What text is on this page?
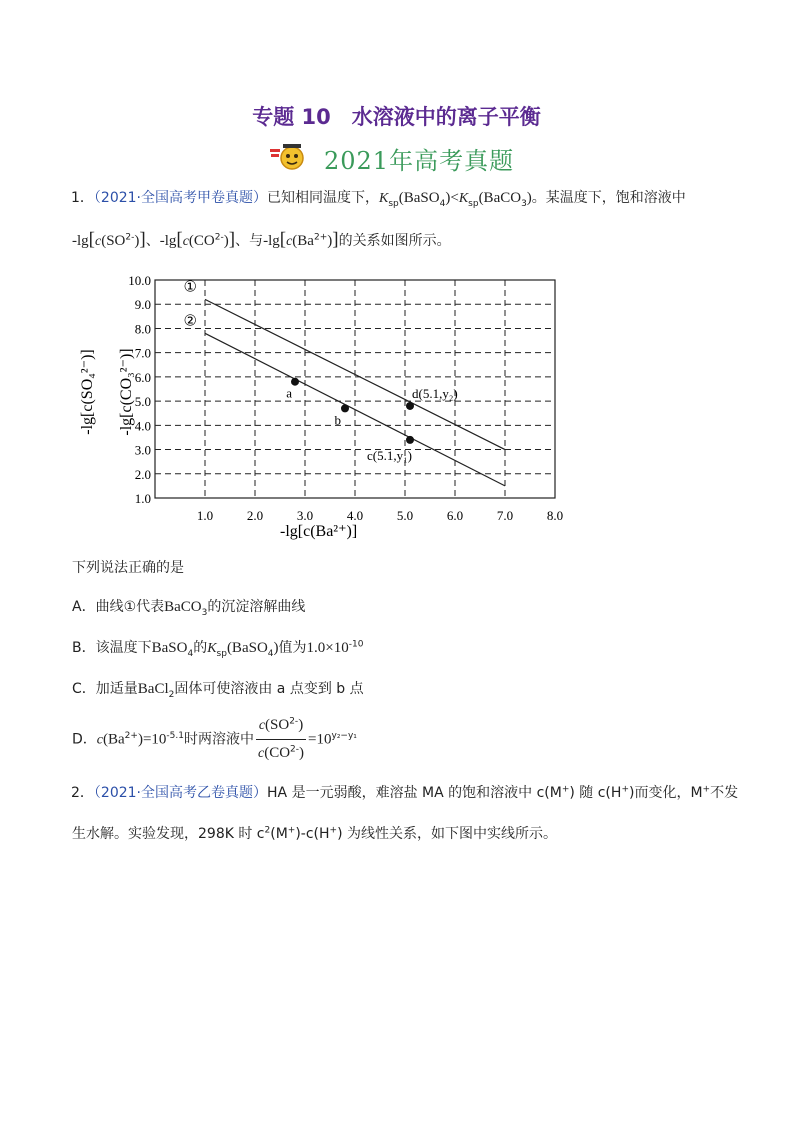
专题 10　水溶液中的离子平衡
2021年高考真题
1．（2021·全国高考甲卷真题）已知相同温度下，$K_{sp}(BaSO_4)<K_{sp}(BaCO_3)$。某温度下，饱和溶液中
$-\lg[c(SO^{2-})]$、$-\lg[c(CO^{2-})]$、与$-\lg[c(Ba^{2+})]$的关系如图所示。
①
②
a
b
c(5.1,y₁)
d(5.1,y₂)
1.0	2.0	3.0	4.0	5.0	6.0	7.0	8.0
1.0
2.0
3.0
4.0
5.0
6.0
7.0
8.0
9.0
10.0
-lg[c(Ba²⁺)]
-lg[c(SO₄²⁻)] -lg[c(CO₃²⁻)]
下列说法正确的是
A．曲线①代表BaCO$_3$的沉淀溶解曲线
B．该温度下BaSO$_4$的$K_{sp}(BaSO_4)$值为$1.0\times 10^{-10}$
C．加适量BaCl$_2$固体可使溶液由 a 点变到 b 点
D．$c(Ba^{2+})=10^{-5.1}$时两溶液中 $\frac{c(SO^{2-})}{c(CO^{2-})} =10^{y_2-y_1}$
2．（2021·全国高考乙卷真题）HA 是一元弱酸，难溶盐 MA 的饱和溶液中 c(M+) 随 c(H+)而变化，M+不发
生水解。实验发现，298K 时 $c^2(M^+)-c(H^+)$ 为线性关系，如下图中实线所示。
